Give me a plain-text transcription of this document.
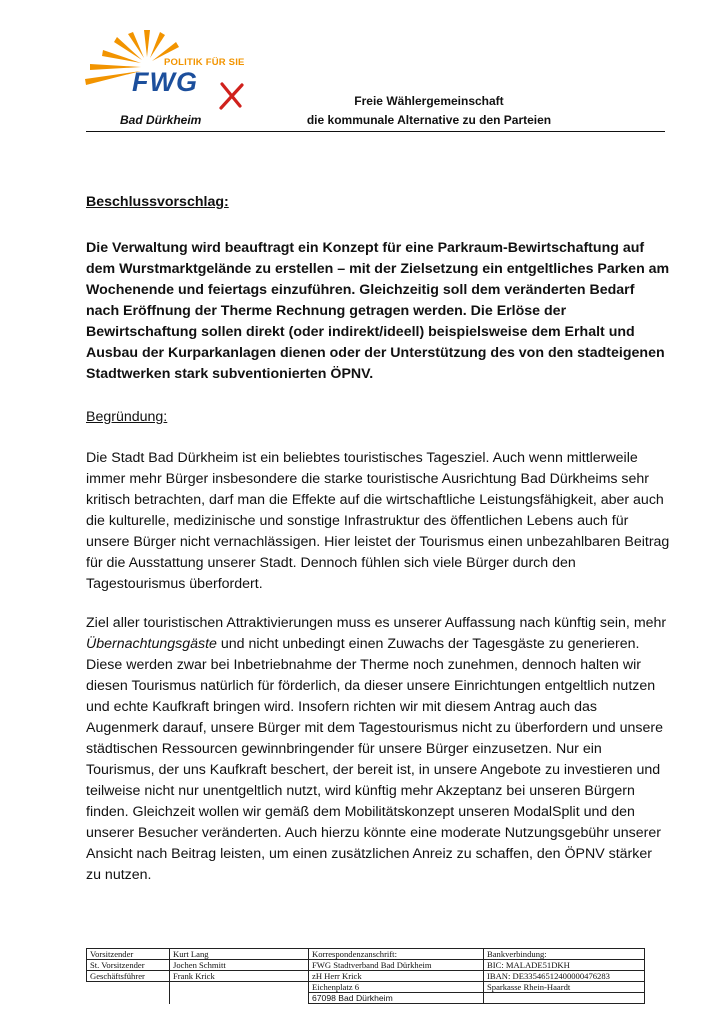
POLITIK FÜR SIE
FWG
Bad Dürkheim
Freie Wählergemeinschaft
die kommunale Alternative zu den Parteien

Beschlussvorschlag:

Die Verwaltung wird beauftragt ein Konzept für eine Parkraum-Bewirtschaftung auf dem Wurstmarktgelände zu erstellen – mit der Zielsetzung ein entgeltliches Parken am Wochenende und feiertags einzuführen. Gleichzeitig soll dem veränderten Bedarf nach Eröffnung der Therme Rechnung getragen werden. Die Erlöse der Bewirtschaftung sollen direkt (oder indirekt/ideell) beispielsweise dem Erhalt und Ausbau der Kurparkanlagen dienen oder der Unterstützung des von den stadteigenen Stadtwerken stark subventionierten ÖPNV.

Begründung:

Die Stadt Bad Dürkheim ist ein beliebtes touristisches Tagesziel. Auch wenn mittlerweile immer mehr Bürger insbesondere die starke touristische Ausrichtung Bad Dürkheims sehr kritisch betrachten, darf man die Effekte auf die wirtschaftliche Leistungsfähigkeit, aber auch die kulturelle, medizinische und sonstige Infrastruktur des öffentlichen Lebens auch für unsere Bürger nicht vernachlässigen. Hier leistet der Tourismus einen unbezahlbaren Beitrag für die Ausstattung unserer Stadt. Dennoch fühlen sich viele Bürger durch den Tagestourismus überfordert.

Ziel aller touristischen Attraktivierungen muss es unserer Auffassung nach künftig sein, mehr Übernachtungsgäste und nicht unbedingt einen Zuwachs der Tagesgäste zu generieren. Diese werden zwar bei Inbetriebnahme der Therme noch zunehmen, dennoch halten wir diesen Tourismus natürlich für förderlich, da dieser unsere Einrichtungen entgeltlich nutzen und echte Kaufkraft bringen wird. Insofern richten wir mit diesem Antrag auch das Augenmerk darauf, unsere Bürger mit dem Tagestourismus nicht zu überfordern und unsere städtischen Ressourcen gewinnbringender für unsere Bürger einzusetzen. Nur ein Tourismus, der uns Kaufkraft beschert, der bereit ist, in unsere Angebote zu investieren und teilweise nicht nur unentgeltlich nutzt, wird künftig mehr Akzeptanz bei unseren Bürgern finden. Gleichzeit wollen wir gemäß dem Mobilitätskonzept unseren ModalSplit und den unserer Besucher veränderten. Auch hierzu könnte eine moderate Nutzungsgebühr unserer Ansicht nach Beitrag leisten, um einen zusätzlichen Anreiz zu schaffen, den ÖPNV stärker zu nutzen.

Vorsitzender	Kurt Lang	Korrespondenzanschrift:	Bankverbindung:
St. Vorsitzender	Jochen Schmitt	FWG Stadtverband Bad Dürkheim	BIC: MALADE51DKH
Geschäftsführer	Frank Krick	zH Herr Krick	IBAN: DE33546512400000476283
		Eichenplatz 6	Sparkasse Rhein-Haardt
		67098 Bad Dürkheim	
